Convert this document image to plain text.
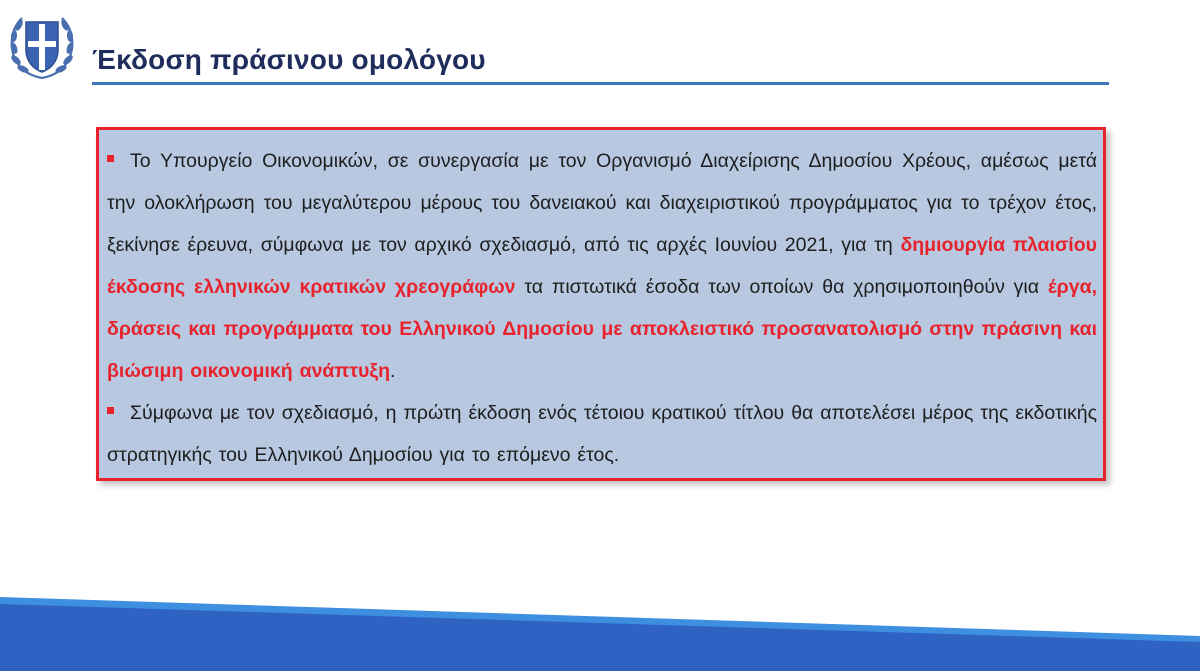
Έκδοση πράσινου ομολόγου

Το Υπουργείο Οικονομικών, σε συνεργασία με τον Οργανισμό Διαχείρισης Δημοσίου Χρέους, αμέσως μετά την ολοκλήρωση του μεγαλύτερου μέρους του δανειακού και διαχειριστικού προγράμματος για το τρέχον έτος, ξεκίνησε έρευνα, σύμφωνα με τον αρχικό σχεδιασμό, από τις αρχές Ιουνίου 2021, για τη δημιουργία πλαισίου έκδοσης ελληνικών κρατικών χρεογράφων τα πιστωτικά έσοδα των οποίων θα χρησιμοποιηθούν για έργα, δράσεις και προγράμματα του Ελληνικού Δημοσίου με αποκλειστικό προσανατολισμό στην πράσινη και βιώσιμη οικονομική ανάπτυξη.

Σύμφωνα με τον σχεδιασμό, η πρώτη έκδοση ενός τέτοιου κρατικού τίτλου θα αποτελέσει μέρος της εκδοτικής στρατηγικής του Ελληνικού Δημοσίου για το επόμενο έτος.
